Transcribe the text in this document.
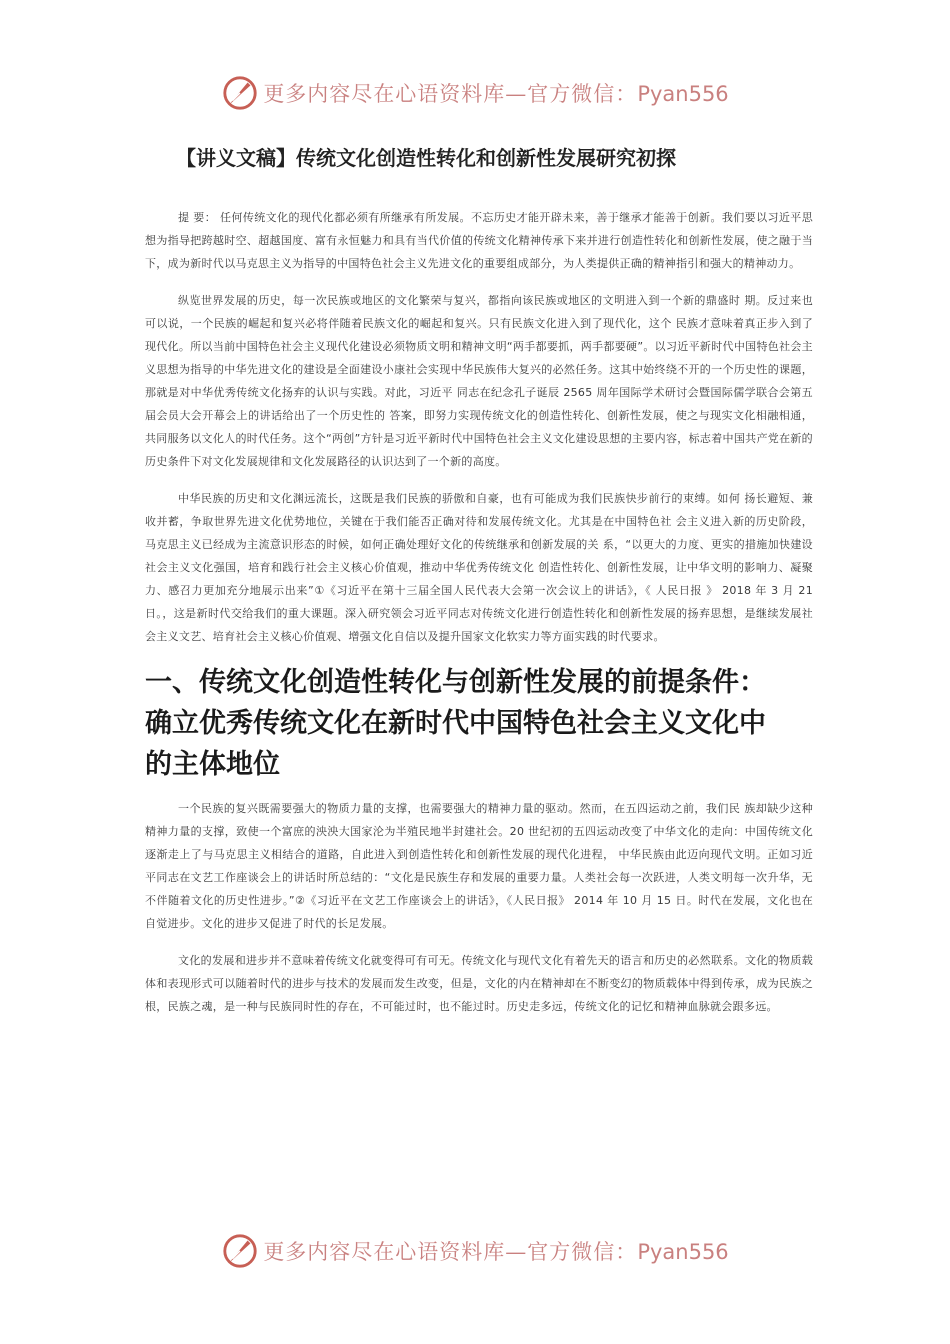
更多内容尽在心语资料库—官方微信：Pyan556
【讲义文稿】传统文化创造性转化和创新性发展研究初探

提 要： 任何传统文化的现代化都必须有所继承有所发展。不忘历史才能开辟未来，善于继承才能善于创新。我们要以习近平思想为指导把跨越时空、超越国度、富有永恒魅力和具有当代价值的传统文化精神传承下来并进行创造性转化和创新性发展，使之融于当下，成为新时代以马克思主义为指导的中国特色社会主义先进文化的重要组成部分，为人类提供正确的精神指引和强大的精神动力。

纵览世界发展的历史，每一次民族或地区的文化繁荣与复兴，都指向该民族或地区的文明进入到一个新的鼎盛时 期。反过来也可以说，一个民族的崛起和复兴必将伴随着民族文化的崛起和复兴。只有民族文化进入到了现代化，这个 民族才意味着真正步入到了现代化。所以当前中国特色社会主义现代化建设必须物质文明和精神文明“两手都要抓，两手都要硬”。以习近平新时代中国特色社会主义思想为指导的中华先进文化的建设是全面建设小康社会实现中华民族伟大复兴的必然任务。这其中始终绕不开的一个历史性的课题，那就是对中华优秀传统文化扬弃的认识与实践。对此，习近平 同志在纪念孔子诞辰 2565 周年国际学术研讨会暨国际儒学联合会第五届会员大会开幕会上的讲话给出了一个历史性的 答案，即努力实现传统文化的创造性转化、创新性发展，使之与现实文化相融相通，共同服务以文化人的时代任务。这个“两创”方针是习近平新时代中国特色社会主义文化建设思想的主要内容，标志着中国共产党在新的历史条件下对文化发展规律和文化发展路径的认识达到了一个新的高度。

中华民族的历史和文化渊远流长，这既是我们民族的骄傲和自豪，也有可能成为我们民族快步前行的束缚。如何 扬长避短、兼收并蓄，争取世界先进文化优势地位，关键在于我们能否正确对待和发展传统文化。尤其是在中国特色社 会主义进入新的历史阶段，马克思主义已经成为主流意识形态的时候，如何正确处理好文化的传统继承和创新发展的关 系，“以更大的力度、更实的措施加快建设社会主义文化强国，培育和践行社会主义核心价值观，推动中华优秀传统文化 创造性转化、创新性发展，让中华文明的影响力、凝聚力、感召力更加充分地展示出来”①《习近平在第十三届全国人民代表大会第一次会议上的讲话》，《 人民日报 》 2018 年 3 月 21 日。，这是新时代交给我们的重大课题。深入研究领会习近平同志对传统文化进行创造性转化和创新性发展的扬弃思想，是继续发展社会主义文艺、培育社会主义核心价值观、增强文化自信以及提升国家文化软实力等方面实践的时代要求。

一、传统文化创造性转化与创新性发展的前提条件：确立优秀传统文化在新时代中国特色社会主义文化中的主体地位

一个民族的复兴既需要强大的物质力量的支撑，也需要强大的精神力量的驱动。然而，在五四运动之前，我们民 族却缺少这种精神力量的支撑，致使一个富庶的泱泱大国家沦为半殖民地半封建社会。20 世纪初的五四运动改变了中华文化的走向：中国传统文化逐渐走上了与马克思主义相结合的道路，自此进入到创造性转化和创新性发展的现代化进程， 中华民族由此迈向现代文明。正如习近平同志在文艺工作座谈会上的讲话时所总结的：“文化是民族生存和发展的重要力量。人类社会每一次跃进，人类文明每一次升华，无不伴随着文化的历史性进步。”②《习近平在文艺工作座谈会上的讲话》，《人民日报》 2014 年 10 月 15 日。时代在发展，文化也在自觉进步。文化的进步又促进了时代的长足发展。

文化的发展和进步并不意味着传统文化就变得可有可无。传统文化与现代文化有着先天的语言和历史的必然联系。文化的物质载体和表现形式可以随着时代的进步与技术的发展而发生改变，但是，文化的内在精神却在不断变幻的物质载体中得到传承，成为民族之根，民族之魂，是一种与民族同时性的存在，不可能过时，也不能过时。历史走多远，传统文化的记忆和精神血脉就会跟多远。

更多内容尽在心语资料库—官方微信：Pyan556
